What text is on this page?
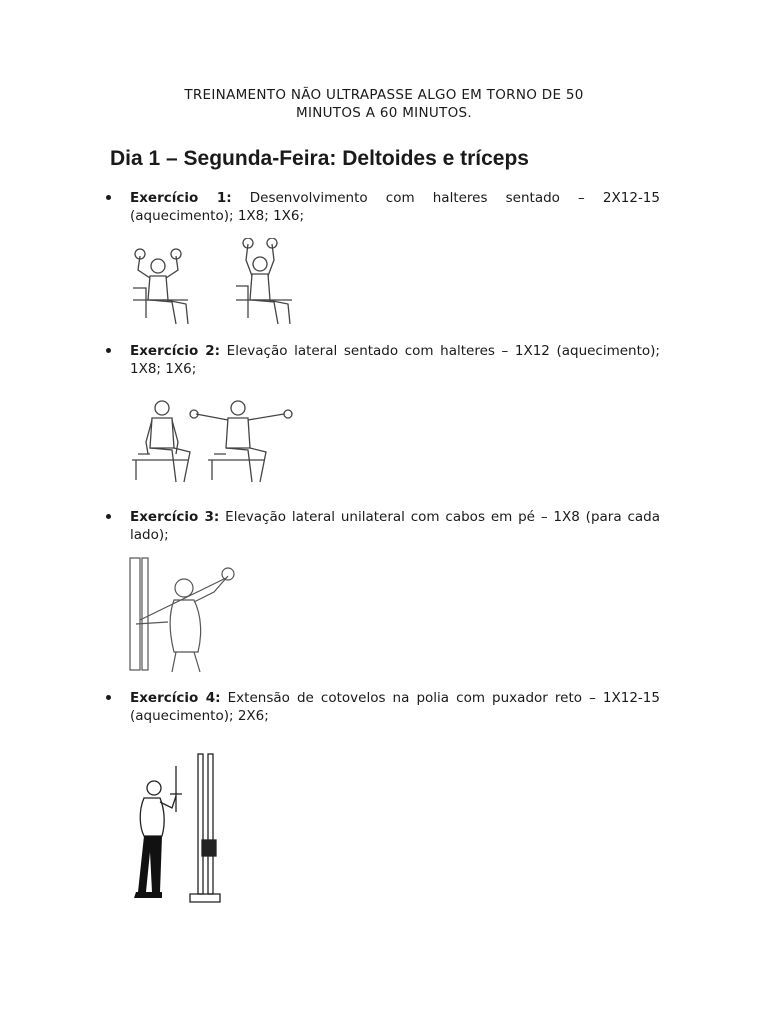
TREINAMENTO NÃO ULTRAPASSE ALGO EM TORNO DE 50
MINUTOS A 60 MINUTOS.
Dia 1 – Segunda-Feira: Deltoides e tríceps
Exercício 1: Desenvolvimento com halteres sentado – 2X12-15 (aquecimento); 1X8; 1X6;
Exercício 2: Elevação lateral sentado com halteres – 1X12 (aquecimento); 1X8; 1X6;
Exercício 3: Elevação lateral unilateral com cabos em pé – 1X8 (para cada lado);
Exercício 4: Extensão de cotovelos na polia com puxador reto – 1X12-15 (aquecimento); 2X6;
